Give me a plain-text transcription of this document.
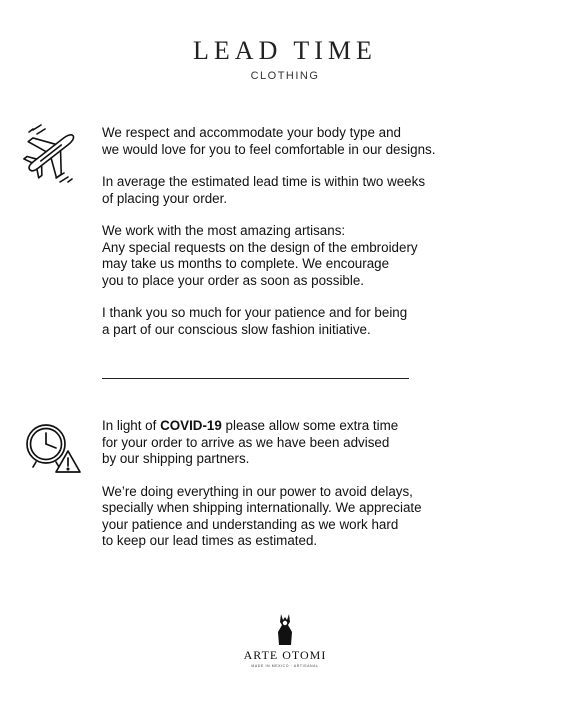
LEAD TIME
CLOTHING

We respect and accommodate your body type and
we would love for you to feel comfortable in our designs.

In average the estimated lead time is within two weeks
of placing your order.

We work with the most amazing artisans:
Any special requests on the design of the embroidery
may take us months to complete. We encourage
you to place your order as soon as possible.

I thank you so much for your patience and for being
a part of our conscious slow fashion initiative.

In light of COVID-19 please allow some extra time
for your order to arrive as we have been advised
by our shipping partners.

We’re doing everything in our power to avoid delays,
specially when shipping internationally. We appreciate
your patience and understanding as we work hard
to keep our lead times as estimated.

ARTE OTOMI
MADE IN MEXICO · ARTISANAL
